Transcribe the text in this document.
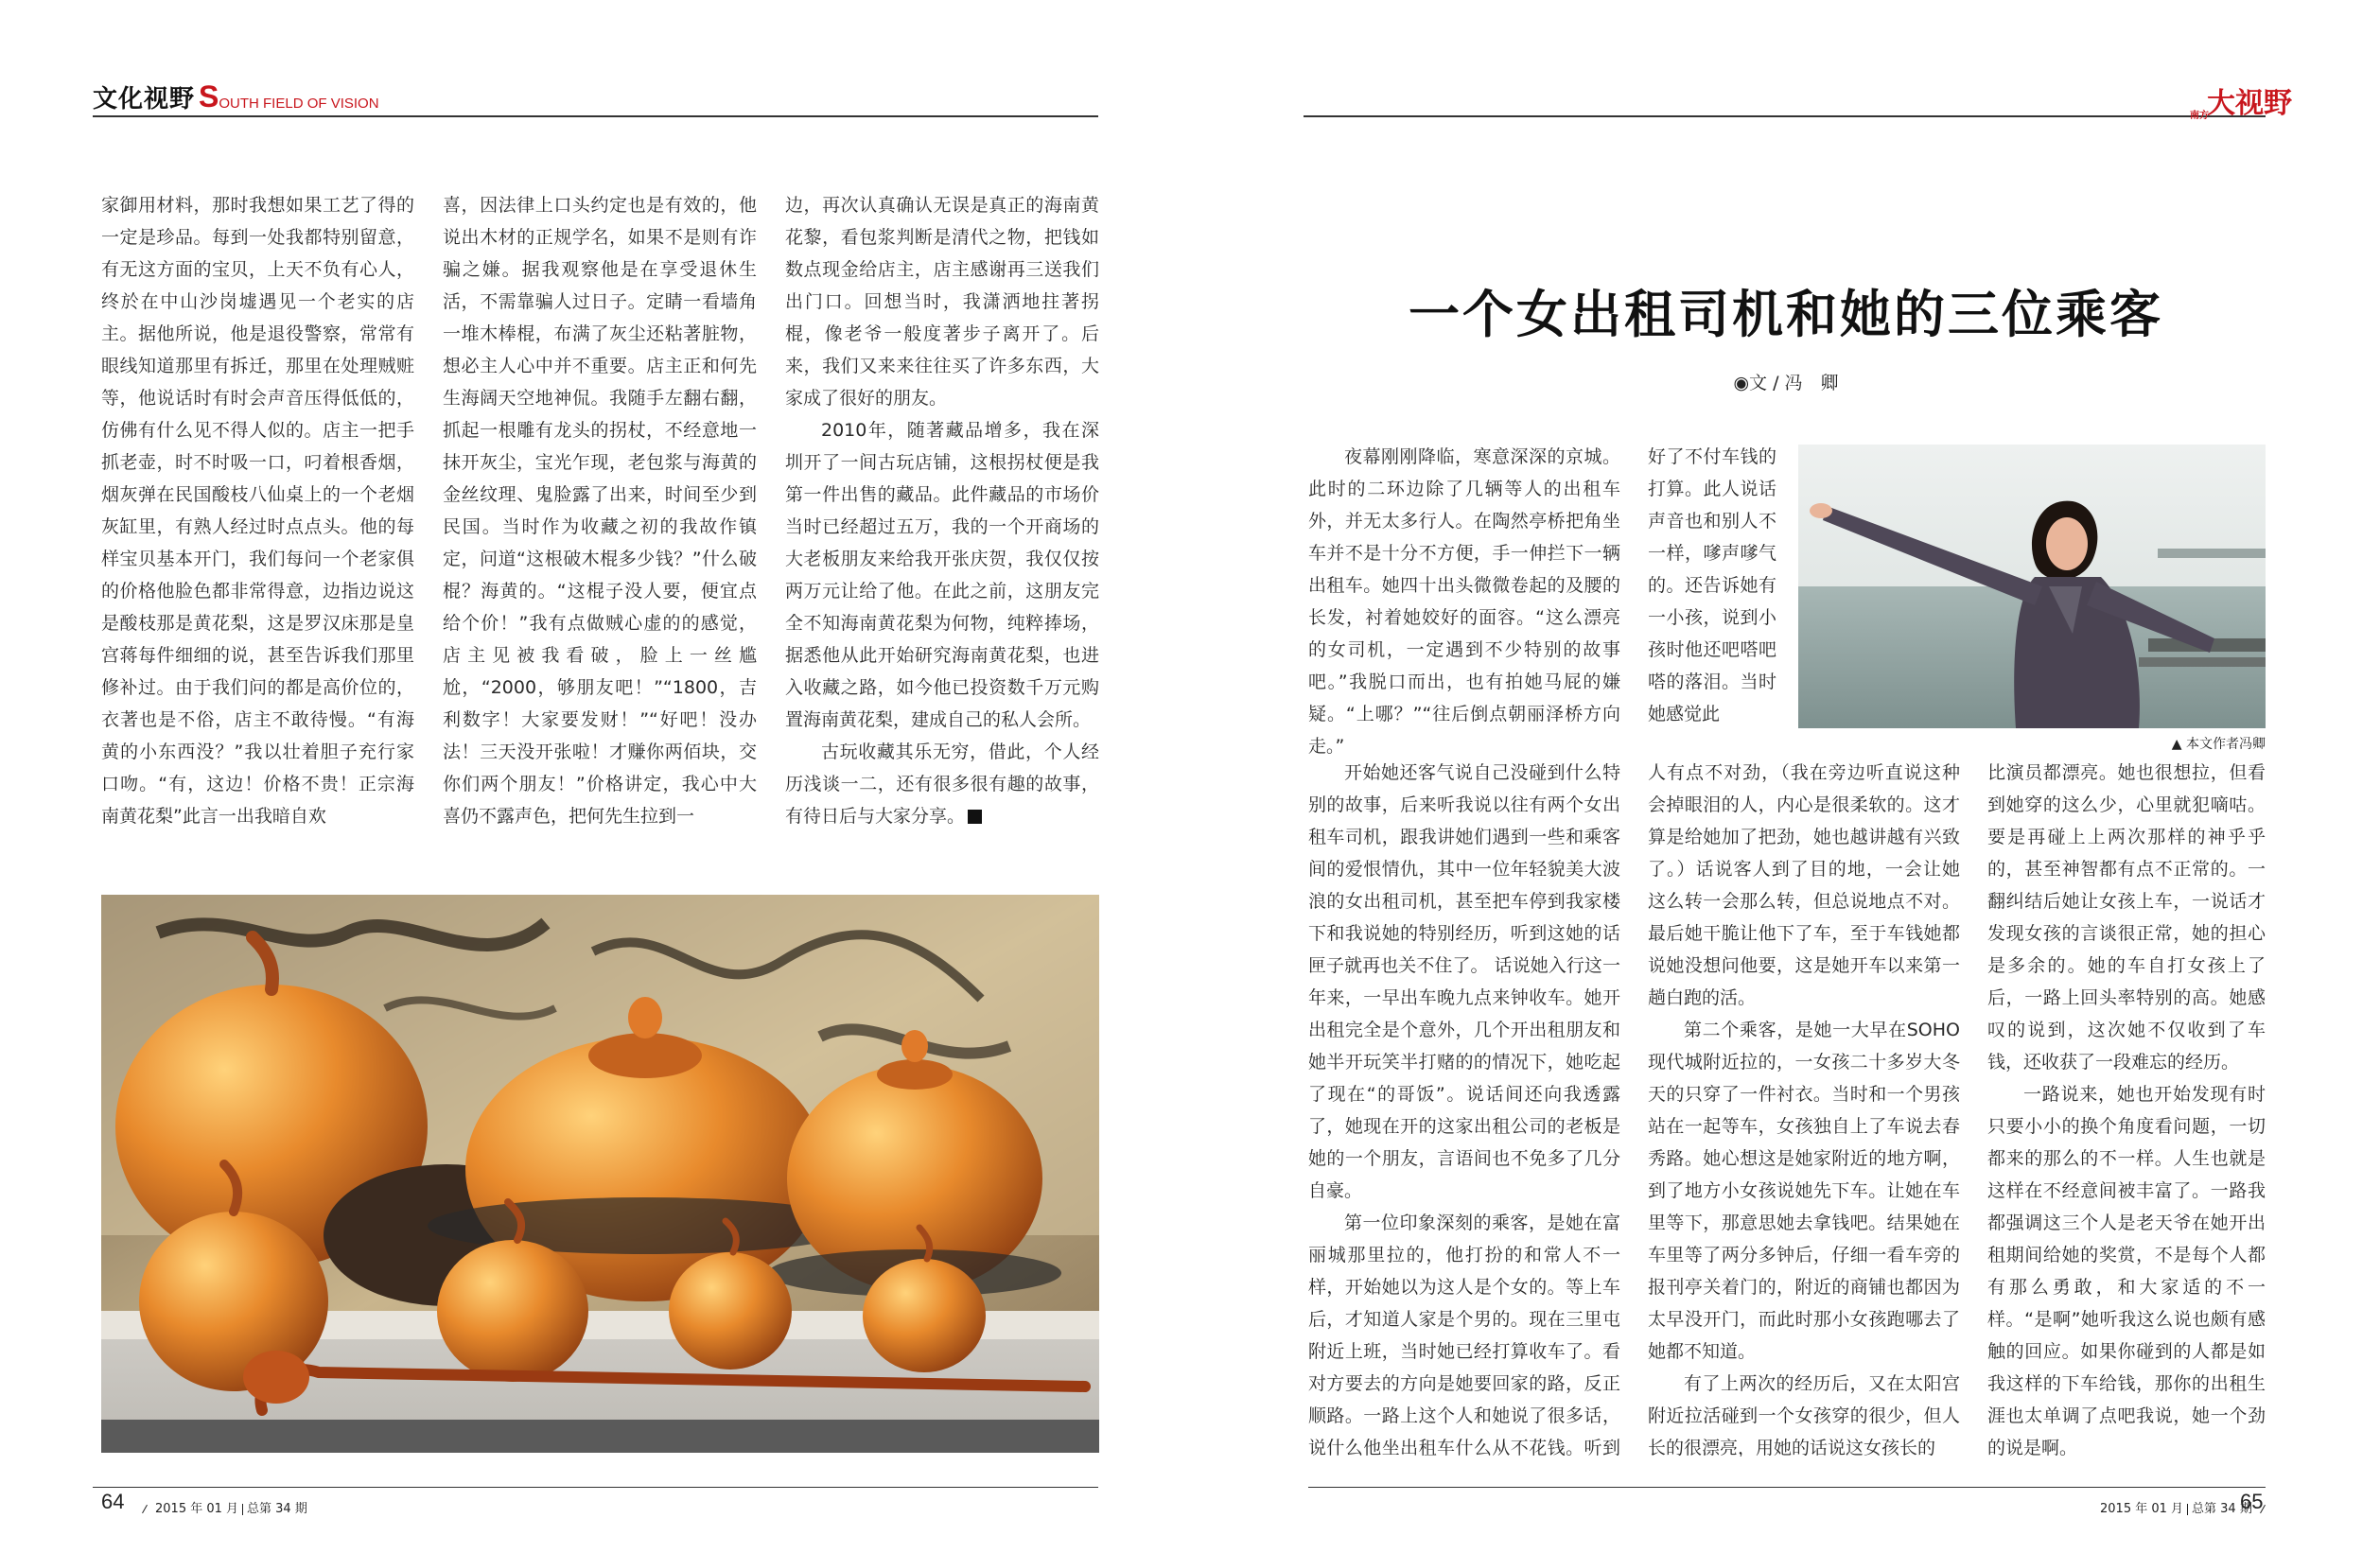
文化视野 SOUTH FIELD OF VISION

家御用材料，那时我想如果工艺了得的一定是珍品。每到一处我都特别留意，有无这方面的宝贝，上天不负有心人，终於在中山沙岗墟遇见一个老实的店主。据他所说，他是退役警察，常常有眼线知道那里有拆迁，那里在处理贼赃等，他说话时有时会声音压得低低的，仿佛有什么见不得人似的。店主一把手抓老壶，时不时吸一口，叼着根香烟，烟灰弹在民国酸枝八仙桌上的一个老烟灰缸里，有熟人经过时点点头。他的每样宝贝基本开门，我们每问一个老家俱的价格他脸色都非常得意，边指边说这是酸枝那是黄花梨，这是罗汉床那是皇宫蒋每件细细的说，甚至告诉我们那里修补过。由于我们问的都是高价位的，衣著也是不俗，店主不敢待慢。“有海黄的小东西没？”我以壮着胆子充行家口吻。“有，这边！价格不贵！正宗海南黄花梨”此言一出我暗自欢

喜，因法律上口头约定也是有效的，他说出木材的正规学名，如果不是则有诈骗之嫌。据我观察他是在享受退休生活，不需靠骗人过日子。定睛一看墙角一堆木棒棍，布满了灰尘还粘著脏物，想必主人心中并不重要。店主正和何先生海阔天空地神侃。我随手左翻右翻，抓起一根雕有龙头的拐杖，不经意地一抹开灰尘，宝光乍现，老包浆与海黄的金丝纹理、鬼脸露了出来，时间至少到民国。当时作为收藏之初的我故作镇定，问道“这根破木棍多少钱？”什么破棍？海黄的。“这棍子没人要，便宜点给个价！”我有点做贼心虚的的感觉，店主见被我看破，脸上一丝尴尬，“2000，够朋友吧！”“1800，吉利数字！大家要发财！”“好吧！没办法！三天没开张啦！才赚你两佰块，交你们两个朋友！”价格讲定，我心中大喜仍不露声色，把何先生拉到一

边，再次认真确认无误是真正的海南黄花黎，看包浆判断是清代之物，把钱如数点现金给店主，店主感谢再三送我们出门口。回想当时，我潇洒地拄著拐棍，像老爷一般度著步子离开了。后来，我们又来来往往买了许多东西，大家成了很好的朋友。

2010年，随著藏品增多，我在深圳开了一间古玩店铺，这根拐杖便是我第一件出售的藏品。此件藏品的市场价当时已经超过五万，我的一个开商场的大老板朋友来给我开张庆贺，我仅仅按两万元让给了他。在此之前，这朋友完全不知海南黄花梨为何物，纯粹捧场，据悉他从此开始研究海南黄花梨，也进入收藏之路，如今他已投资数千万元购置海南黄花梨，建成自己的私人会所。

古玩收藏其乐无穷，借此，个人经历浅谈一二，还有很多很有趣的故事，有待日后与大家分享。	V

64	2015 年 01 月 总第 34 期
南方大视野
一个女出租司机和她的三位乘客
◉文 / 冯　卿

夜幕刚刚降临，寒意深深的京城。此时的二环边除了几辆等人的出租车外，并无太多行人。在陶然亭桥把角坐车并不是十分不方便，手一伸拦下一辆出租车。她四十出头微微卷起的及腰的长发，衬着她姣好的面容。“这么漂亮的女司机，一定遇到不少特别的故事吧。”我脱口而出，也有拍她马屁的嫌疑。“上哪？”“往后倒点朝丽泽桥方向走。”

好了不付车钱的打算。此人说话声音也和别人不一样，嗲声嗲气的。还告诉她有一小孩，说到小孩时他还吧嗒吧嗒的落泪。当时她感觉此

▲ 本文作者冯卿

开始她还客气说自己没碰到什么特别的故事，后来听我说以往有两个女出租车司机，跟我讲她们遇到一些和乘客间的爱恨情仇，其中一位年轻貌美大波浪的女出租司机，甚至把车停到我家楼下和我说她的特别经历，听到这她的话匣子就再也关不住了。 话说她入行这一年来，一早出车晚九点来钟收车。她开出租完全是个意外，几个开出租朋友和她半开玩笑半打赌的的情况下，她吃起了现在“的哥饭”。说话间还向我透露了，她现在开的这家出租公司的老板是她的一个朋友，言语间也不免多了几分自豪。

第一位印象深刻的乘客，是她在富丽城那里拉的，他打扮的和常人不一样，开始她以为这人是个女的。等上车后，才知道人家是个男的。现在三里屯附近上班，当时她已经打算收车了。看对方要去的方向是她要回家的路，反正顺路。一路上这个人和她说了很多话，说什么他坐出租车什么从不花钱。听到

人有点不对劲，（我在旁边听直说这种会掉眼泪的人，内心是很柔软的。这才算是给她加了把劲，她也越讲越有兴致了。）话说客人到了目的地，一会让她这么转一会那么转，但总说地点不对。最后她干脆让他下了车，至于车钱她都说她没想问他要，这是她开车以来第一趟白跑的活。

第二个乘客，是她一大早在SOHO现代城附近拉的，一女孩二十多岁大冬天的只穿了一件衬衣。当时和一个男孩站在一起等车，女孩独自上了车说去春秀路。她心想这是她家附近的地方啊，到了地方小女孩说她先下车。让她在车里等下，那意思她去拿钱吧。结果她在车里等了两分多钟后，仔细一看车旁的报刊亭关着门的，附近的商铺也都因为太早没开门，而此时那小女孩跑哪去了她都不知道。

有了上两次的经历后，又在太阳宫附近拉活碰到一个女孩穿的很少，但人长的很漂亮，用她的话说这女孩长的

比演员都漂亮。她也很想拉，但看到她穿的这么少，心里就犯嘀咕。要是再碰上上两次那样的神乎乎的，甚至神智都有点不正常的。一翻纠结后她让女孩上车，一说话才发现女孩的言谈很正常，她的担心是多余的。她的车自打女孩上了后，一路上回头率特别的高。她感叹的说到，这次她不仅收到了车钱，还收获了一段难忘的经历。

一路说来，她也开始发现有时只要小小的换个角度看问题，一切都来的那么的不一样。人生也就是这样在不经意间被丰富了。一路我都强调这三个人是老天爷在她开出租期间给她的奖赏，不是每个人都有那么勇敢，和大家适的不一样。“是啊”她听我这么说也颇有感触的回应。如果你碰到的人都是如我这样的下车给钱，那你的出租生涯也太单调了点吧我说，她一个劲的说是啊。

2015 年 01 月 总第 34 期
65
